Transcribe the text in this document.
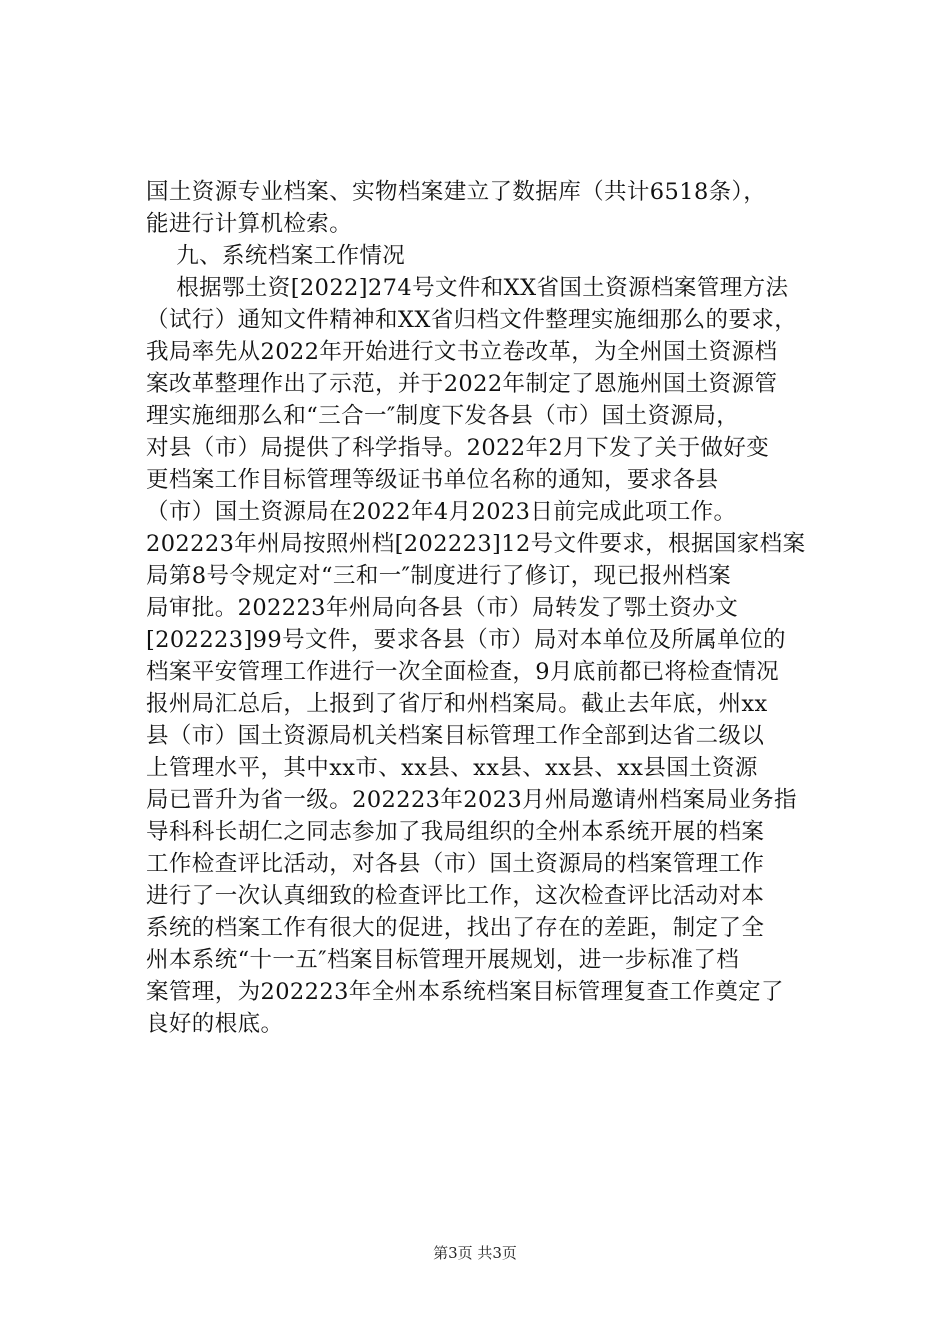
国土资源专业档案、实物档案建立了数据库（共计6518条），
能进行计算机检索。
九、系统档案工作情况
根据鄂土资[2022]274号文件和XX省国土资源档案管理方法
（试行）通知文件精神和XX省归档文件整理实施细那么的要求，
我局率先从2022年开始进行文书立卷改革，为全州国土资源档
案改革整理作出了示范，并于2022年制定了恩施州国土资源管
理实施细那么和“三合一″制度下发各县（市）国土资源局，
对县（市）局提供了科学指导。2022年2月下发了关于做好变
更档案工作目标管理等级证书单位名称的通知，要求各县
（市）国土资源局在2022年4月2023日前完成此项工作。
202223年州局按照州档[202223]12号文件要求，根据国家档案
局第8号令规定对“三和一″制度进行了修订，现已报州档案
局审批。202223年州局向各县（市）局转发了鄂土资办文
[202223]99号文件，要求各县（市）局对本单位及所属单位的
档案平安管理工作进行一次全面检查，9月底前都已将检查情况
报州局汇总后，上报到了省厅和州档案局。截止去年底，州xx
县（市）国土资源局机关档案目标管理工作全部到达省二级以
上管理水平，其中xx市、xx县、xx县、xx县、xx县国土资源
局已晋升为省一级。202223年2023月州局邀请州档案局业务指
导科科长胡仁之同志参加了我局组织的全州本系统开展的档案
工作检查评比活动，对各县（市）国土资源局的档案管理工作
进行了一次认真细致的检查评比工作，这次检查评比活动对本
系统的档案工作有很大的促进，找出了存在的差距，制定了全
州本系统“十一五″档案目标管理开展规划，进一步标准了档
案管理，为202223年全州本系统档案目标管理复查工作奠定了
良好的根底。
第3页 共3页
